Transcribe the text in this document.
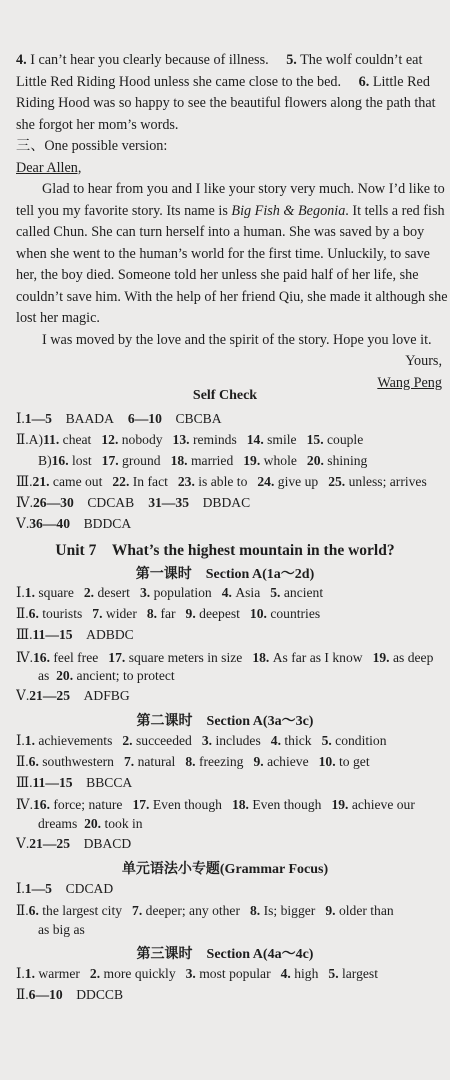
4. I can’t hear you clearly because of illness. 5. The wolf couldn’t eat
Little Red Riding Hood unless she came close to the bed. 6. Little Red
Riding Hood was so happy to see the beautiful flowers along the path that
she forgot her mom’s words.
三、One possible version:
Dear Allen,
Glad to hear from you and I like your story very much. Now I’d like to
tell you my favorite story. Its name is Big Fish & Begonia. It tells a red fish
called Chun. She can turn herself into a human. She was saved by a boy
when she went to the human’s world for the first time. Unluckily, to save
her, the boy died. Someone told her unless she paid half of her life, she
couldn’t save him. With the help of her friend Qiu, she made it although she
lost her magic.
I was moved by the love and the spirit of the story. Hope you love it.
Yours,
Wang Peng
Self Check
Ⅰ.1—5　 BAADA 6—10　 CBCBA
Ⅱ.A)11. cheat 12. nobody 13. reminds 14. smile 15. couple
B)16. lost 17. ground 18. married 19. whole 20. shining
Ⅲ.21. came out 22. In fact 23. is able to 24. give up 25. unless; arrives
Ⅳ.26—30　 CDCAB 31—35　 DBDAC
Ⅴ.36—40　 BDDCA
Unit 7　What’s the highest mountain in the world?
第一课时　Section A(1a～2d)
Ⅰ.1. square 2. desert 3. population 4. Asia 5. ancient
Ⅱ.6. tourists 7. wider 8. far 9. deepest 10. countries
Ⅲ.11—15　 ADBDC
Ⅳ.16. feel free 17. square meters in size 18. As far as I know 19. as deep
as 20. ancient; to protect
Ⅴ.21—25　 ADFBG
第二课时　Section A(3a～3c)
Ⅰ.1. achievements 2. succeeded 3. includes 4. thick 5. condition
Ⅱ.6. southwestern 7. natural 8. freezing 9. achieve 10. to get
Ⅲ.11—15　 BBCCA
Ⅳ.16. force; nature 17. Even though 18. Even though 19. achieve our
dreams 20. took in
Ⅴ.21—25　 DBACD
单元语法小专题(Grammar Focus)
Ⅰ.1—5　 CDCAD
Ⅱ.6. the largest city 7. deeper; any other 8. Is; bigger 9. older than
as big as
第三课时　Section A(4a～4c)
Ⅰ.1. warmer 2. more quickly 3. most popular 4. high 5. largest
Ⅱ.6—10　 DDCCB
